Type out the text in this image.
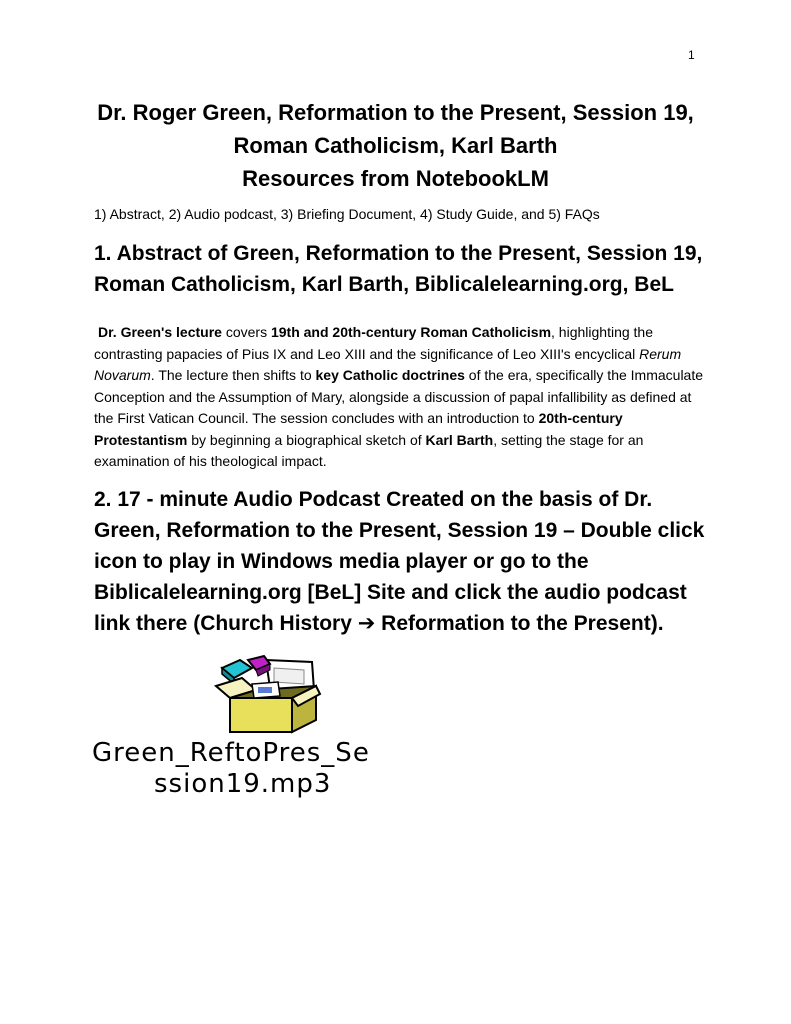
1
Dr. Roger Green, Reformation to the Present, Session 19,
Roman Catholicism, Karl Barth
Resources from NotebookLM
1) Abstract, 2) Audio podcast, 3) Briefing Document, 4) Study Guide, and 5) FAQs
1. Abstract of Green, Reformation to the Present, Session 19, Roman Catholicism, Karl Barth, Biblicalelearning.org, BeL

Dr. Green's lecture covers 19th and 20th-century Roman Catholicism, highlighting the contrasting papacies of Pius IX and Leo XIII and the significance of Leo XIII's encyclical Rerum Novarum. The lecture then shifts to key Catholic doctrines of the era, specifically the Immaculate Conception and the Assumption of Mary, alongside a discussion of papal infallibility as defined at the First Vatican Council. The session concludes with an introduction to 20th-century Protestantism by beginning a biographical sketch of Karl Barth, setting the stage for an examination of his theological impact.

2. 17 - minute Audio Podcast Created on the basis of Dr. Green, Reformation to the Present, Session 19 – Double click icon to play in Windows media player or go to the Biblicalelearning.org [BeL] Site and click the audio podcast link there (Church History ➔ Reformation to the Present).
Green_ReftoPres_Se
ssion19.mp3
